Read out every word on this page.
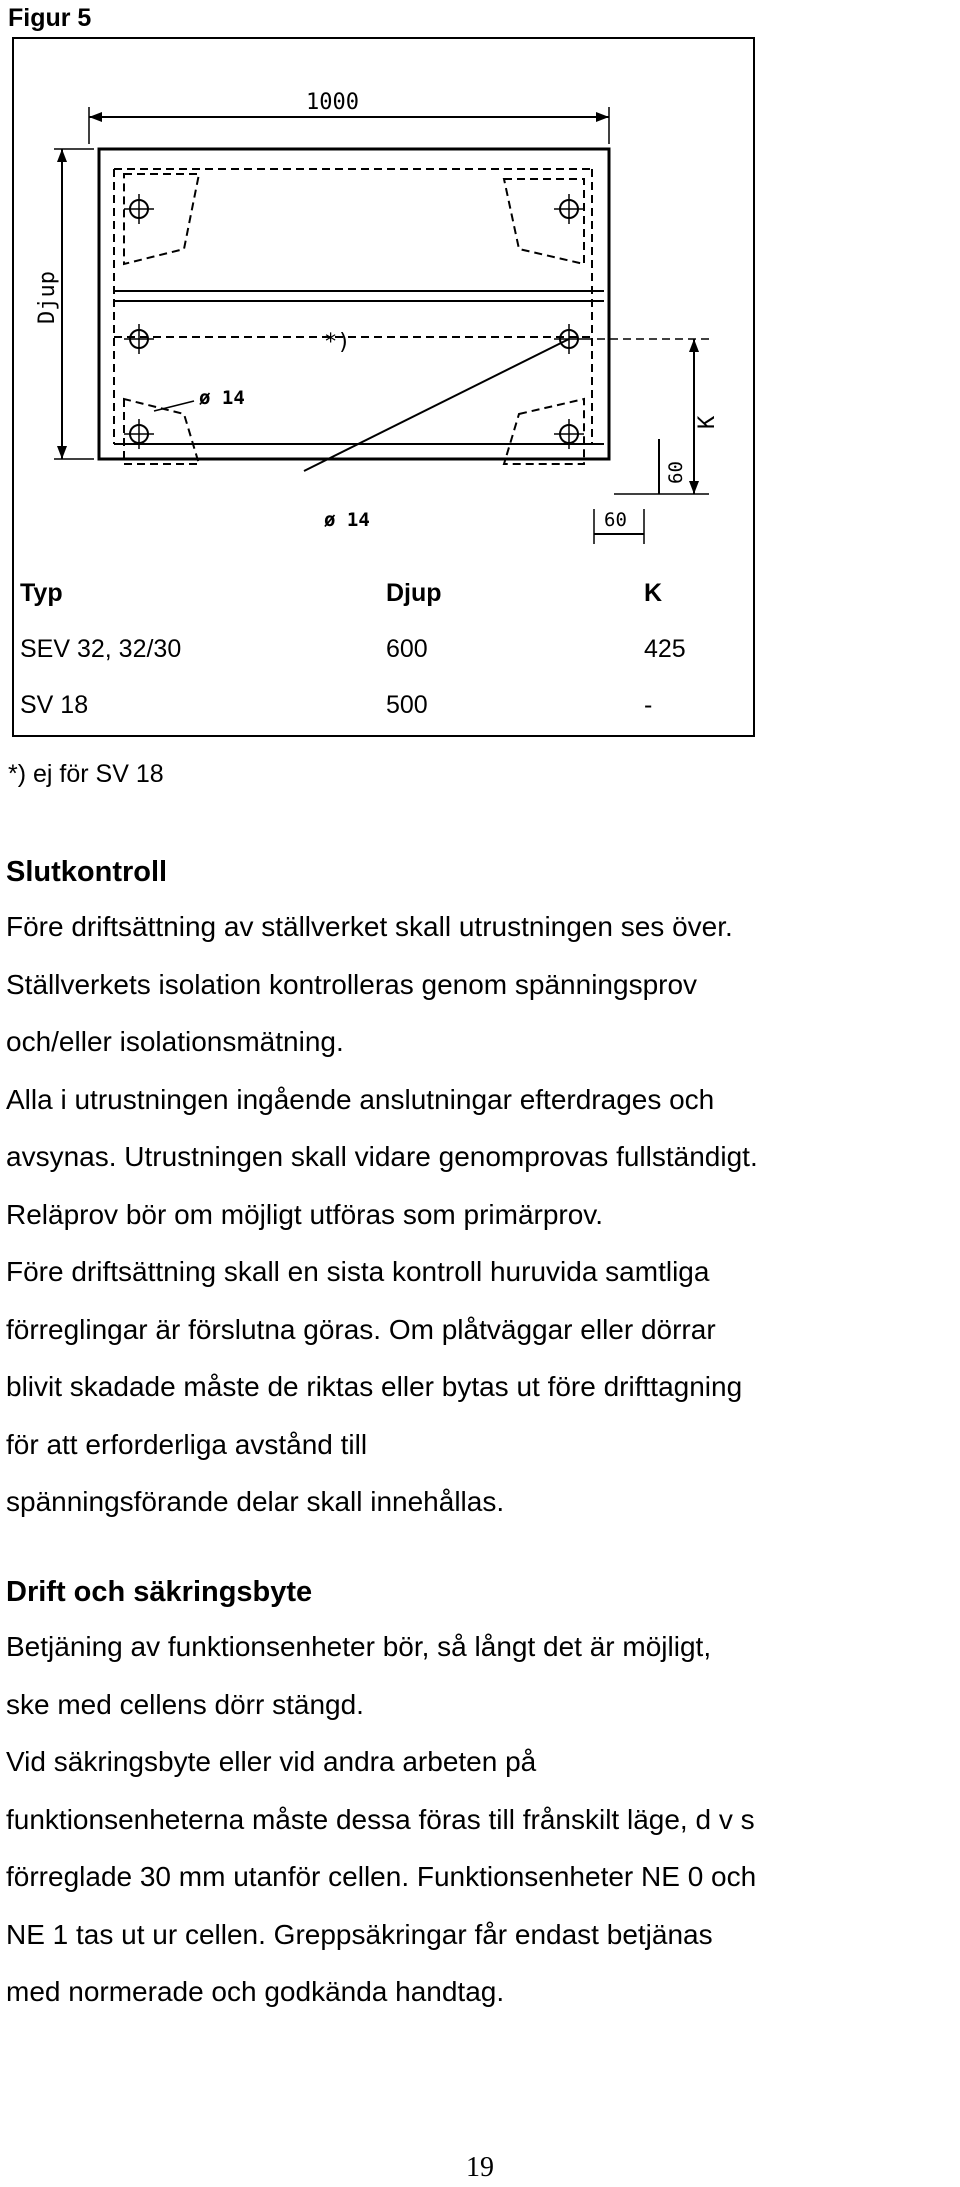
Figur 5
1000
Djup
*)
ø 14
ø 14
K
60
60
Typ	Djup	K
SEV 32, 32/30	600	425
SV 18	500	-
*) ej för SV 18
Slutkontroll

Före driftsättning av ställverket skall utrustningen ses över.

Ställverkets isolation kontrolleras genom spänningsprov

och/eller isolationsmätning.

Alla i utrustningen ingående anslutningar efterdrages och

avsynas. Utrustningen skall vidare genomprovas fullständigt.

Reläprov bör om möjligt utföras som primärprov.

Före driftsättning skall en sista kontroll huruvida samtliga

förreglingar är förslutna göras. Om plåtväggar eller dörrar

blivit skadade måste de riktas eller bytas ut före drifttagning

för att erforderliga avstånd till

spänningsförande delar skall innehållas.

Drift och säkringsbyte

Betjäning av funktionsenheter bör, så långt det är möjligt,

ske med cellens dörr stängd.

Vid säkringsbyte eller vid andra arbeten på

funktionsenheterna måste dessa föras till frånskilt läge, d v s

förreglade 30 mm utanför cellen. Funktionsenheter NE 0 och

NE 1 tas ut ur cellen. Greppsäkringar får endast betjänas

med normerade och godkända handtag.

19
